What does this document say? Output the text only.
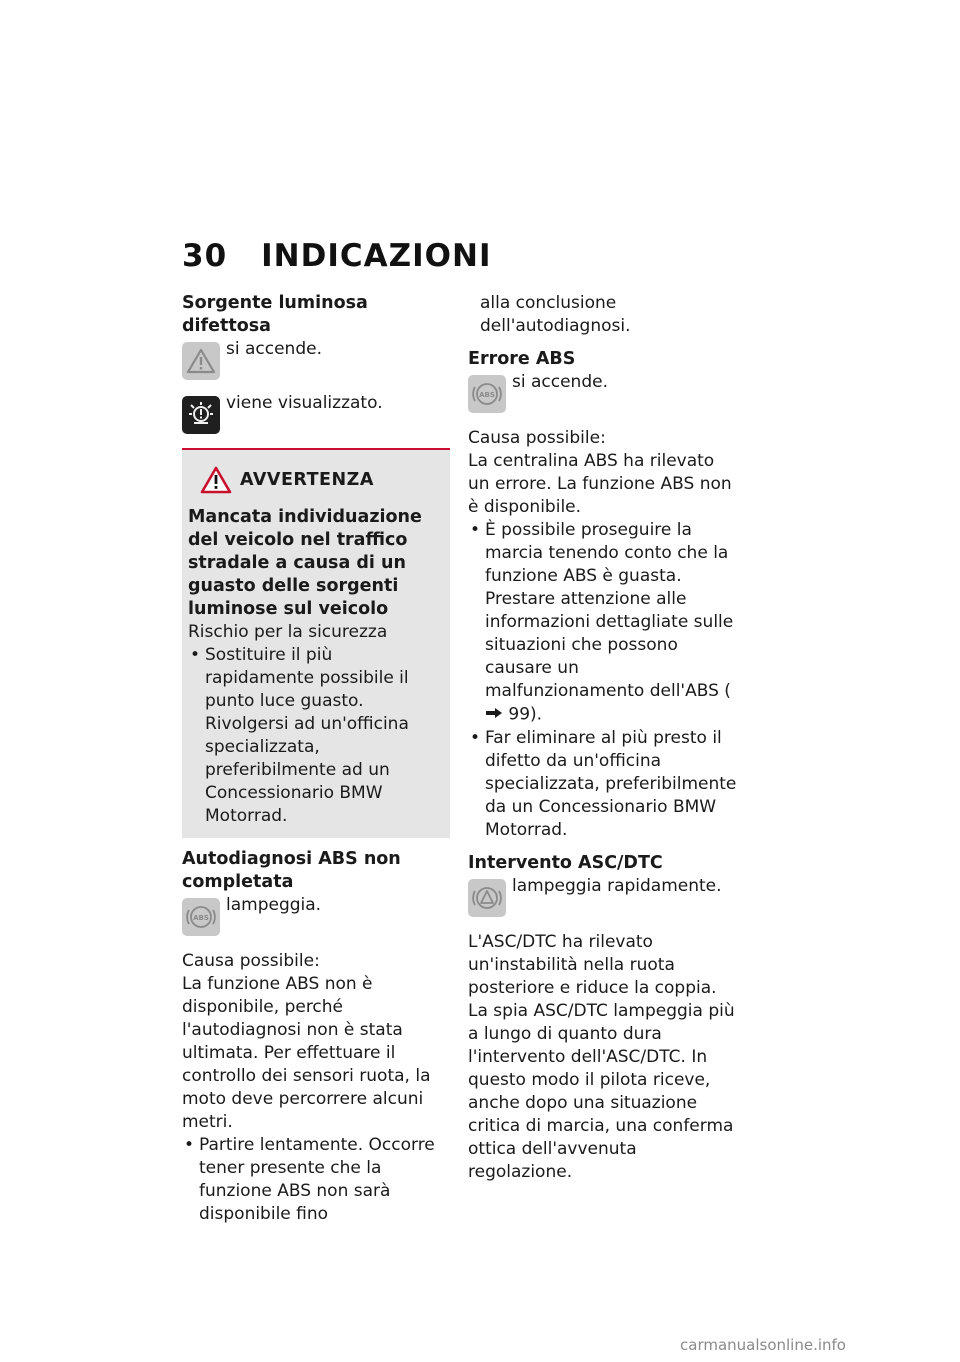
30 INDICAZIONI

Sorgente luminosa difettosa

si accende.
viene visualizzato.
AVVERTENZA

Mancata individuazione del veicolo nel traffico stradale a causa di un guasto delle sorgenti luminose sul veicolo

Rischio per la sicurezza

• Sostituire il più rapidamente possibile il punto luce guasto. Rivolgersi ad un'officina specializzata, preferibilmente ad un Concessionario BMW Motorrad.

Autodiagnosi ABS non completata

ABS
lampeggia.

Causa possibile:

La funzione ABS non è disponibile, perché l'autodiagnosi non è stata ultimata. Per effettuare il controllo dei sensori ruota, la moto deve percorrere alcuni metri.

• Partire lentamente. Occorre tener presente che la funzione ABS non sarà disponibile fino

alla conclusione dell'autodiagnosi.

Errore ABS

ABS
si accende.

Causa possibile:

La centralina ABS ha rilevato un errore. La funzione ABS non è disponibile.

• È possibile proseguire la marcia tenendo conto che la funzione ABS è guasta. Prestare attenzione alle informazioni dettagliate sulle situazioni che possono causare un malfunzionamento dell'ABS (  99).
• Far eliminare al più presto il difetto da un'officina specializzata, preferibilmente da un Concessionario BMW Motorrad.

Intervento ASC/DTC

lampeggia rapidamente.

L'ASC/DTC ha rilevato un'instabilità nella ruota posteriore e riduce la coppia. La spia ASC/DTC lampeggia più a lungo di quanto dura l'intervento dell'ASC/DTC. In questo modo il pilota riceve, anche dopo una situazione critica di marcia, una conferma ottica dell'avvenuta regolazione.

carmanualsonline.info
